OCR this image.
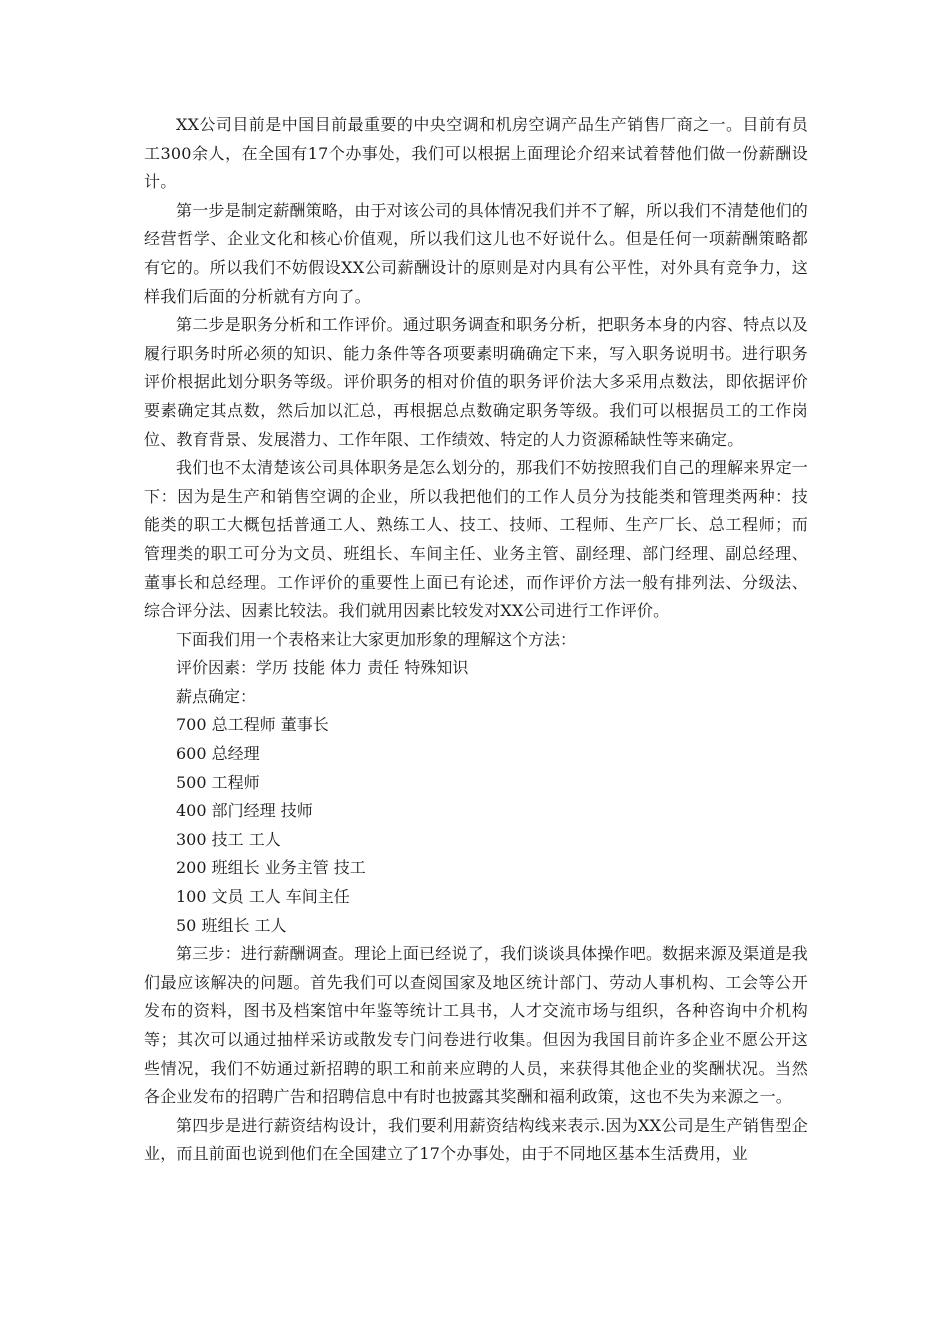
XX公司目前是中国目前最重要的中央空调和机房空调产品生产销售厂商之一。目前有员工300余人，在全国有17个办事处，我们可以根据上面理论介绍来试着替他们做一份薪酬设计。

第一步是制定薪酬策略，由于对该公司的具体情况我们并不了解，所以我们不清楚他们的经营哲学、企业文化和核心价值观，所以我们这儿也不好说什么。但是任何一项薪酬策略都有它的。所以我们不妨假设XX公司薪酬设计的原则是对内具有公平性，对外具有竞争力，这样我们后面的分析就有方向了。

第二步是职务分析和工作评价。通过职务调查和职务分析，把职务本身的内容、特点以及履行职务时所必须的知识、能力条件等各项要素明确确定下来，写入职务说明书。进行职务评价根据此划分职务等级。评价职务的相对价值的职务评价法大多采用点数法，即依据评价要素确定其点数，然后加以汇总，再根据总点数确定职务等级。我们可以根据员工的工作岗位、教育背景、发展潜力、工作年限、工作绩效、特定的人力资源稀缺性等来确定。

我们也不太清楚该公司具体职务是怎么划分的，那我们不妨按照我们自己的理解来界定一下：因为是生产和销售空调的企业，所以我把他们的工作人员分为技能类和管理类两种：技能类的职工大概包括普通工人、熟练工人、技工、技师、工程师、生产厂长、总工程师；而管理类的职工可分为文员、班组长、车间主任、业务主管、副经理、部门经理、副总经理、董事长和总经理。工作评价的重要性上面已有论述，而作评价方法一般有排列法、分级法、综合评分法、因素比较法。我们就用因素比较发对XX公司进行工作评价。

下面我们用一个表格来让大家更加形象的理解这个方法：

评价因素：学历 技能 体力 责任 特殊知识

薪点确定：

700 总工程师 董事长

600 总经理

500 工程师

400 部门经理 技师

300 技工 工人

200 班组长 业务主管 技工

100 文员 工人 车间主任

50 班组长 工人

第三步：进行薪酬调查。理论上面已经说了，我们谈谈具体操作吧。数据来源及渠道是我们最应该解决的问题。首先我们可以查阅国家及地区统计部门、劳动人事机构、工会等公开发布的资料，图书及档案馆中年鉴等统计工具书，人才交流市场与组织，各种咨询中介机构等；其次可以通过抽样采访或散发专门问卷进行收集。但因为我国目前许多企业不愿公开这些情况，我们不妨通过新招聘的职工和前来应聘的人员，来获得其他企业的奖酬状况。当然各企业发布的招聘广告和招聘信息中有时也披露其奖酬和福利政策，这也不失为来源之一。

第四步是进行薪资结构设计，我们要利用薪资结构线来表示.因为XX公司是生产销售型企业，而且前面也说到他们在全国建立了17个办事处，由于不同地区基本生活费用，业
